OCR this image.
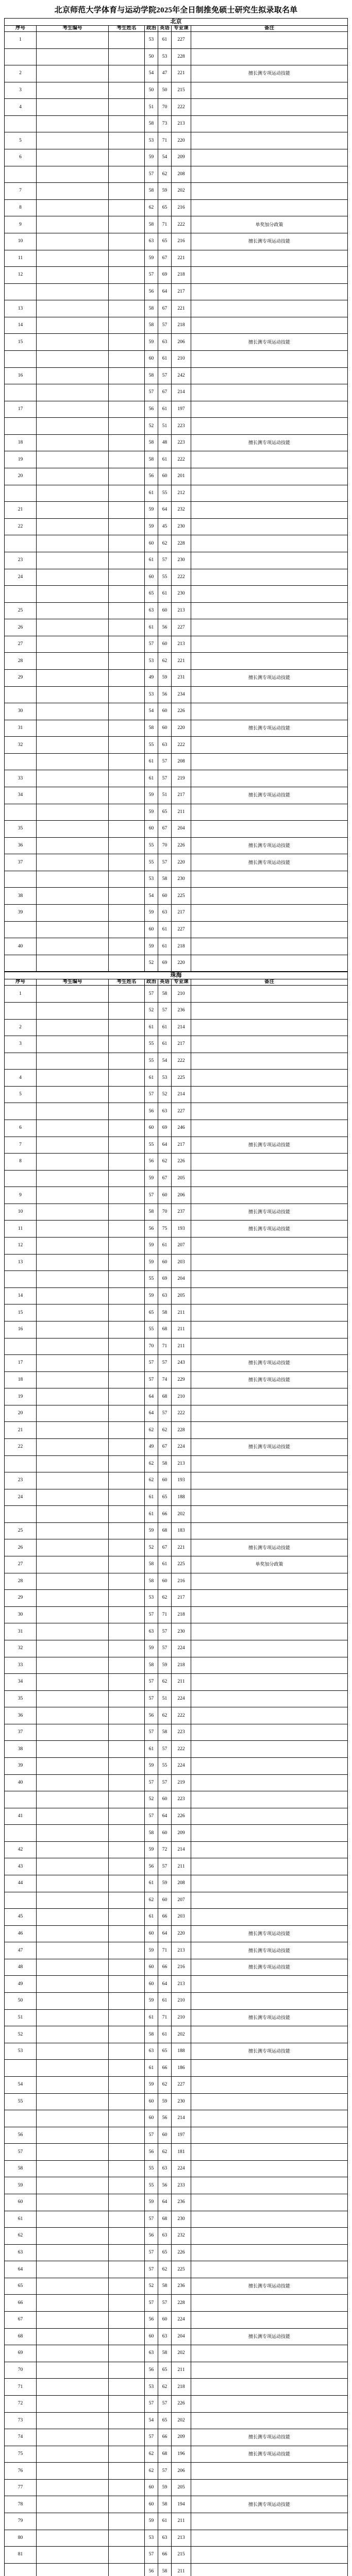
北京师范大学体育与运动学院2025年全日制推免硕士研究生拟录取名单
北京						
序号	考生编号	考生姓名	政治	英语	专业课	备注
1			53	61	227	
			50	53	228	
2			54	47	221	擅长测专项运动技能
3			50	50	215	
4			51	70	222	
			58	73	213	
5			53	71	220	
6			59	54	209	
			57	62	208	
7			58	59	202	
8			62	65	216	
9			58	71	222	单奖加分政策
10			63	65	216	擅长测专项运动技能
11			59	67	221	
12			57	69	218	
			56	64	217	
13			58	67	221	
14			58	57	218	
15			59	63	206	擅长测专项运动技能
			60	61	210	
16			58	57	242	
			57	67	214	
17			56	61	197	
			52	51	223	
18			58	48	223	擅长测专项运动技能
19			58	61	222	
20			56	60	201	
			61	55	212	
21			59	64	232	
22			59	45	230	
			60	62	228	
23			61	57	230	
24			60	55	222	
			65	61	230	
25			63	60	213	
26			61	56	227	
27			57	60	213	
28			53	62	221	
29			49	59	231	擅长测专项运动技能
			53	56	234	
30			54	60	226	
31			58	60	220	擅长测专项运动技能
32			55	63	222	
			61	57	208	
33			61	57	219	
34			59	51	217	擅长测专项运动技能
			59	65	211	
35			60	67	204	
36			55	70	226	擅长测专项运动技能
37			55	57	220	擅长测专项运动技能
			53	58	230	
38			54	60	225	
39			59	63	217	
			60	61	227	
40			59	61	218	
			52	69	220	
珠海						
序号	考生编号	考生姓名	政治	英语	专业课	备注
1			57	58	210	
			52	57	236	
2			61	61	214	
3			55	61	217	
			55	54	222	
4			61	53	225	
5			57	52	214	
			56	63	227	
6			60	69	246	
7			55	64	217	擅长测专项运动技能
8			56	62	226	
			59	67	205	
9			57	60	206	
10			58	70	237	擅长测专项运动技能
11			56	75	193	擅长测专项运动技能
12			59	61	207	
13			59	60	203	
			55	69	204	
14			59	63	205	
15			65	58	211	
16			55	68	211	
			70	71	211	
17			57	57	243	擅长测专项运动技能
18			57	74	229	擅长测专项运动技能
19			64	68	210	
20			64	57	222	
21			62	62	228	
22			49	67	224	擅长测专项运动技能
			62	58	213	
23			62	60	193	
24			61	65	188	
			61	66	202	
25			59	68	183	
26			52	67	221	擅长测专项运动技能
27			58	61	225	单奖加分政策
28			58	60	216	
29			53	62	217	
30			57	71	218	
31			63	57	230	
32			59	57	224	
33			58	59	218	
34			57	62	211	
35			57	51	224	
36			56	62	222	
37			57	58	223	
38			61	57	222	
39			59	55	224	
40			57	57	219	
			52	60	223	
41			57	64	226	
			58	60	209	
42			59	72	214	
43			56	57	211	
44			61	59	208	
			62	60	207	
45			61	66	203	
46			60	64	220	擅长测专项运动技能
47			59	71	213	擅长测专项运动技能
48			60	66	216	擅长测专项运动技能
49			60	64	213	
50			59	61	210	
51			61	71	210	擅长测专项运动技能
52			58	61	202	
53			63	65	188	擅长测专项运动技能
			61	66	186	
54			59	62	227	
55			60	59	230	
			60	56	214	
56			57	60	197	
57			56	62	181	
58			55	63	224	
59			55	56	233	
60			59	64	236	
61			57	68	230	
62			56	63	232	
63			57	65	226	
64			57	62	225	
65			52	58	236	擅长测专项运动技能
66			57	57	228	
67			56	60	224	
68			60	63	204	擅长测专项运动技能
69			63	58	202	
70			56	65	211	
71			53	62	218	
72			57	57	226	
73			54	65	202	
74			57	66	209	擅长测专项运动技能
75			62	68	196	擅长测专项运动技能
76			62	57	206	
77			60	59	205	
78			60	58	194	擅长测专项运动技能
79			59	61	211	
80			53	63	213	
81			57	66	215	
			56	58	211	
